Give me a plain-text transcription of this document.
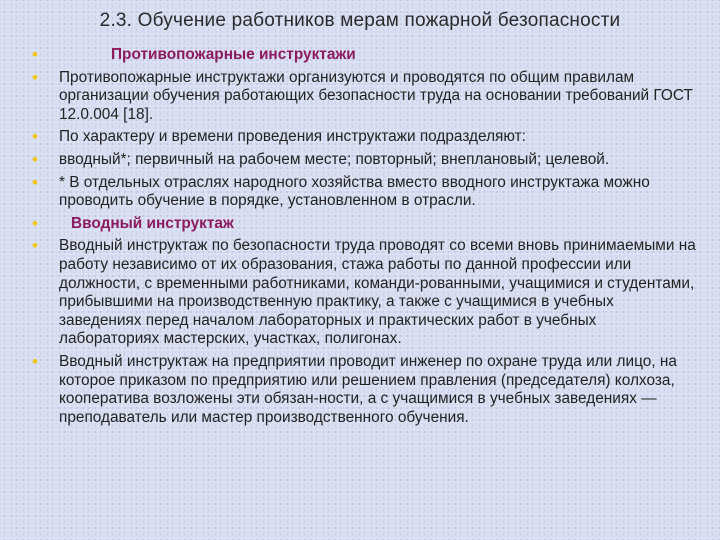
2.3. Обучение работников мерам пожарной безопасности
•	Противопожарные инструктажи
• Противопожарные инструктажи организуются и проводятся по общим правилам организации обучения работающих безопасности труда на основании требований ГОСТ 12.0.004 [18].
• По характеру и времени проведения инструктажи подразделяют:
• вводный*; первичный на рабочем месте; повторный; внеплановый; целевой.
• * В отдельных отраслях народного хозяйства вместо вводного инструктажа можно проводить обучение в порядке, установленном в отрасли.
•	Вводный инструктаж
• Вводный инструктаж по безопасности труда проводят со всеми вновь принимаемыми на работу независимо от их образования, стажа работы по данной профессии или должности, с временными работниками, команди-рованными, учащимися и студентами, прибывшими на производственную практику, а также с учащимися в учебных заведениях перед началом лабораторных и практических работ в учебных лабораториях мастерских, участках, полигонах.
• Вводный инструктаж на предприятии проводит инженер по охране труда или лицо, на которое приказом по предприятию или решением правления (председателя) колхоза, кооператива возложены эти обязан-ности, а с учащимися в учебных заведениях — преподаватель или мастер производственного обучения.
